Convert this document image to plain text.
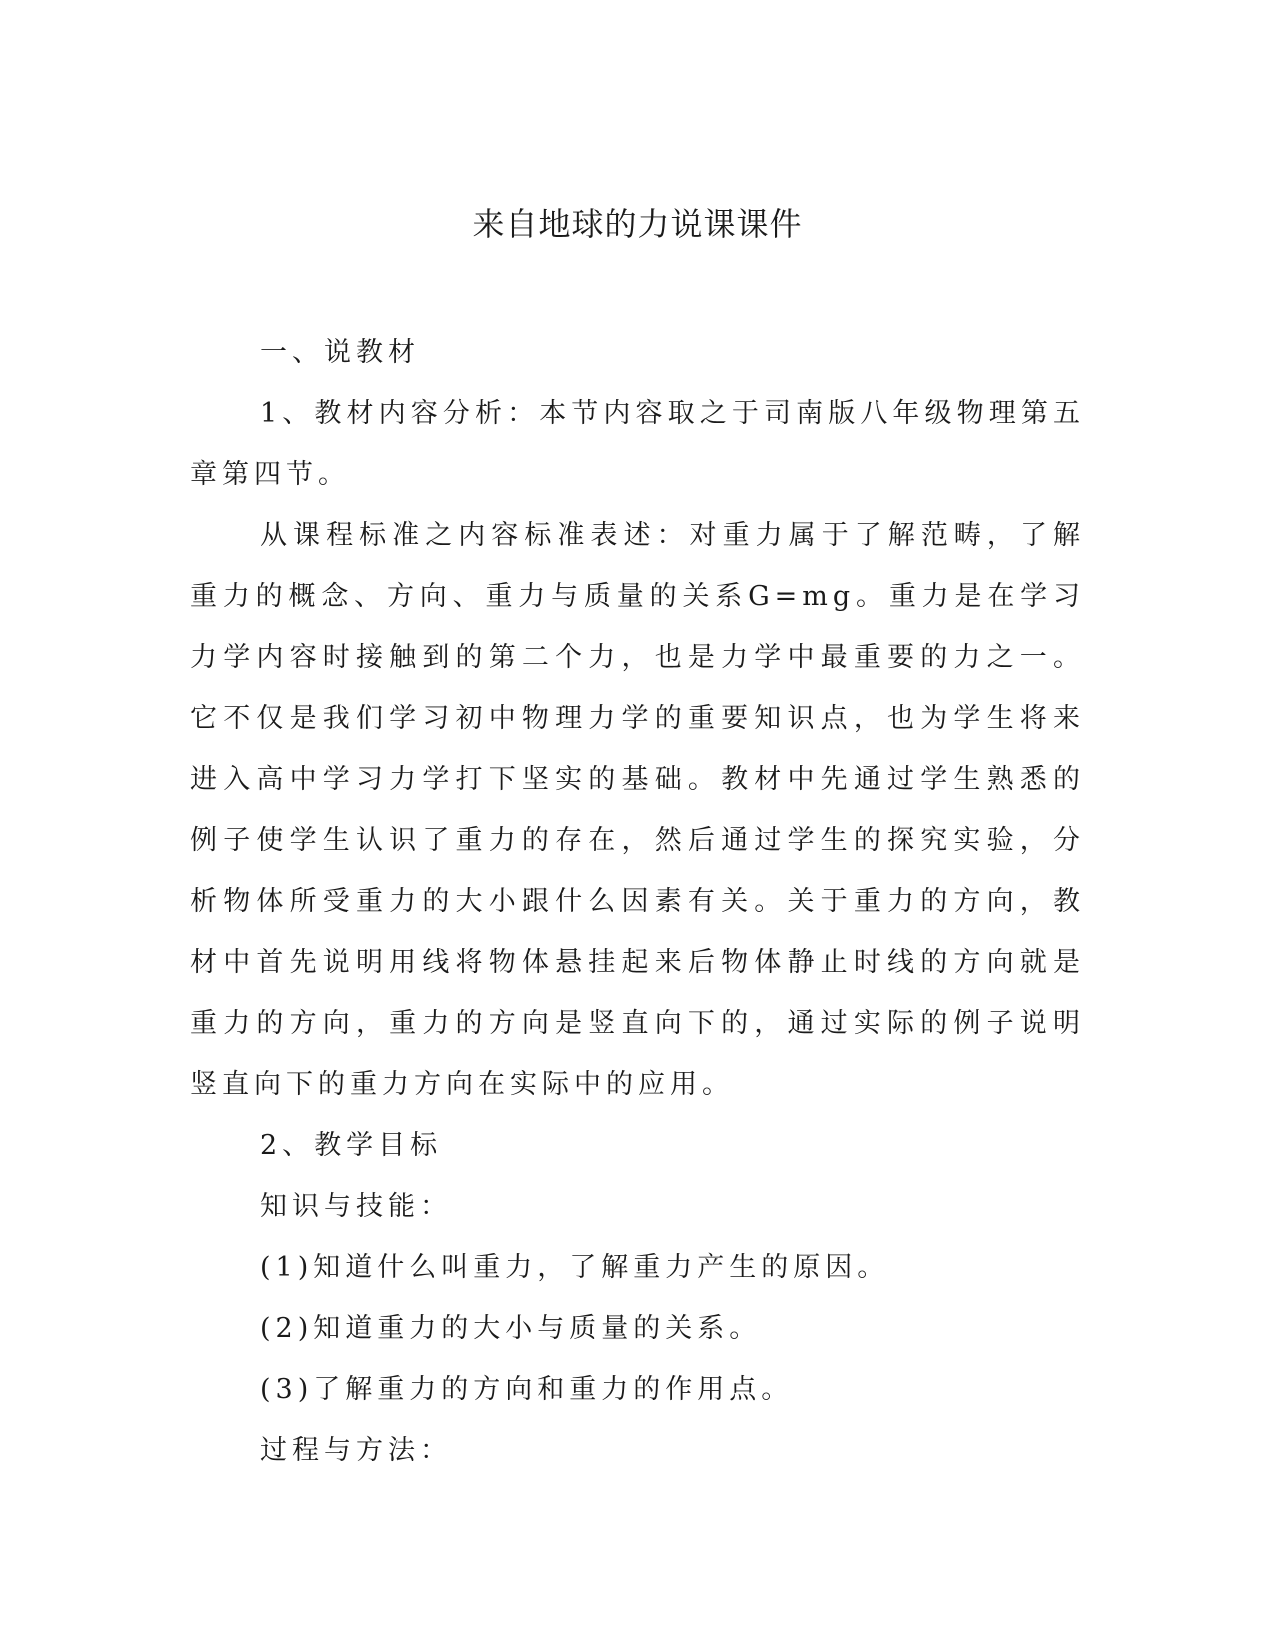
来自地球的力说课课件

一、说教材

1、教材内容分析：本节内容取之于司南版八年级物理第五章第四节。

从课程标准之内容标准表述：对重力属于了解范畴，了解重力的概念、方向、重力与质量的关系G=mg。重力是在学习力学内容时接触到的第二个力，也是力学中最重要的力之一。它不仅是我们学习初中物理力学的重要知识点，也为学生将来进入高中学习力学打下坚实的基础。教材中先通过学生熟悉的例子使学生认识了重力的存在，然后通过学生的探究实验，分析物体所受重力的大小跟什么因素有关。关于重力的方向，教材中首先说明用线将物体悬挂起来后物体静止时线的方向就是重力的方向，重力的方向是竖直向下的，通过实际的例子说明竖直向下的重力方向在实际中的应用。

2、教学目标

知识与技能：

(1)知道什么叫重力，了解重力产生的原因。

(2)知道重力的大小与质量的关系。

(3)了解重力的方向和重力的作用点。

过程与方法：
